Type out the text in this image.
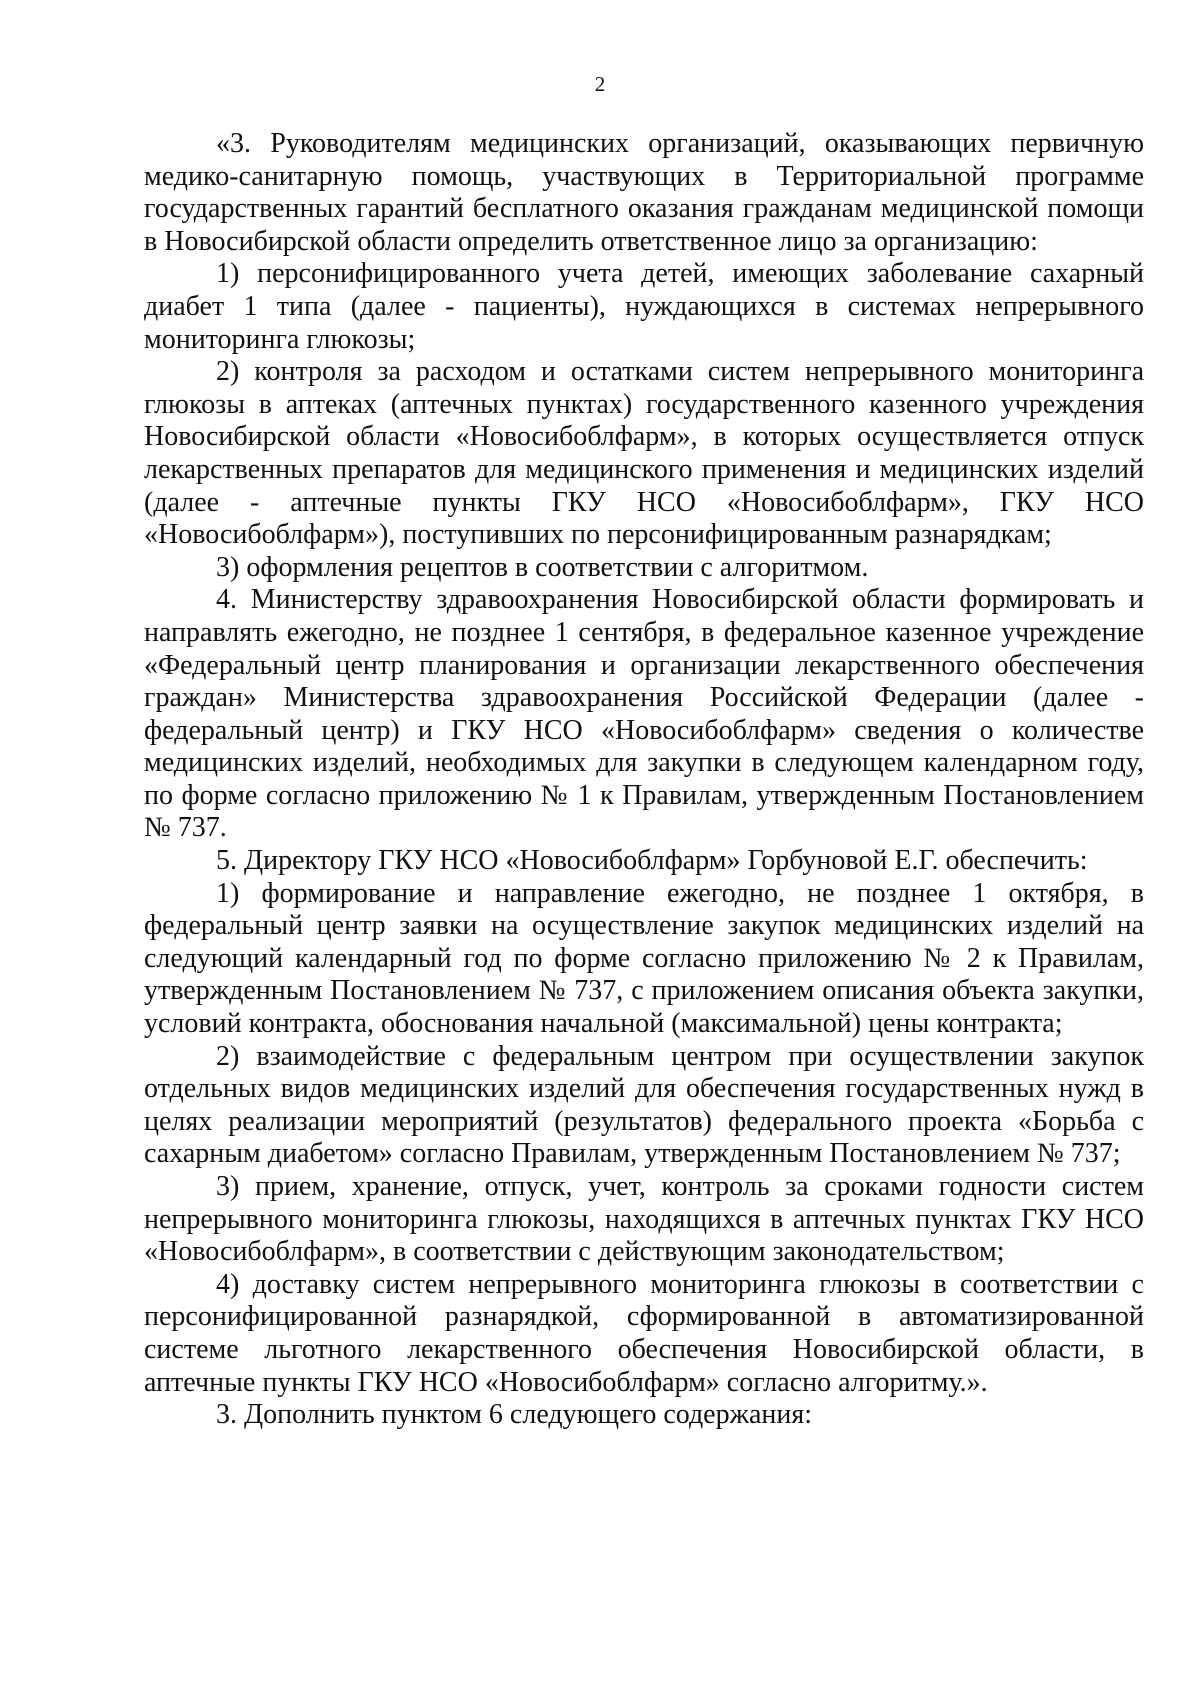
2

«3. Руководителям медицинских организаций, оказывающих первичную медико-санитарную помощь, участвующих в Территориальной программе государственных гарантий бесплатного оказания гражданам медицинской помощи в Новосибирской области определить ответственное лицо за организацию:

1) персонифицированного учета детей, имеющих заболевание сахарный диабет 1 типа (далее - пациенты), нуждающихся в системах непрерывного мониторинга глюкозы;

2) контроля за расходом и остатками систем непрерывного мониторинга глюкозы в аптеках (аптечных пунктах) государственного казенного учреждения Новосибирской области «Новосибоблфарм», в которых осуществляется отпуск лекарственных препаратов для медицинского применения и медицинских изделий (далее - аптечные пункты ГКУ НСО «Новосибоблфарм», ГКУ НСО «Новосибоблфарм»), поступивших по персонифицированным разнарядкам;

3) оформления рецептов в соответствии с алгоритмом.

4. Министерству здравоохранения Новосибирской области формировать и направлять ежегодно, не позднее 1 сентября, в федеральное казенное учреждение «Федеральный центр планирования и организации лекарственного обеспечения граждан» Министерства здравоохранения Российской Федерации (далее - федеральный центр) и ГКУ НСО «Новосибоблфарм» сведения о количестве медицинских изделий, необходимых для закупки в следующем календарном году, по форме согласно приложению № 1 к Правилам, утвержденным Постановлением № 737.

5. Директору ГКУ НСО «Новосибоблфарм» Горбуновой Е.Г. обеспечить:

1) формирование и направление ежегодно, не позднее 1 октября, в федеральный центр заявки на осуществление закупок медицинских изделий на следующий календарный год по форме согласно приложению № 2 к Правилам, утвержденным Постановлением № 737, с приложением описания объекта закупки, условий контракта, обоснования начальной (максимальной) цены контракта;

2) взаимодействие с федеральным центром при осуществлении закупок отдельных видов медицинских изделий для обеспечения государственных нужд в целях реализации мероприятий (результатов) федерального проекта «Борьба с сахарным диабетом» согласно Правилам, утвержденным Постановлением № 737;

3) прием, хранение, отпуск, учет, контроль за сроками годности систем непрерывного мониторинга глюкозы, находящихся в аптечных пунктах ГКУ НСО «Новосибоблфарм», в соответствии с действующим законодательством;

4) доставку систем непрерывного мониторинга глюкозы в соответствии с персонифицированной разнарядкой, сформированной в автоматизированной системе льготного лекарственного обеспечения Новосибирской области, в аптечные пункты ГКУ НСО «Новосибоблфарм» согласно алгоритму.».

3. Дополнить пунктом 6 следующего содержания:
